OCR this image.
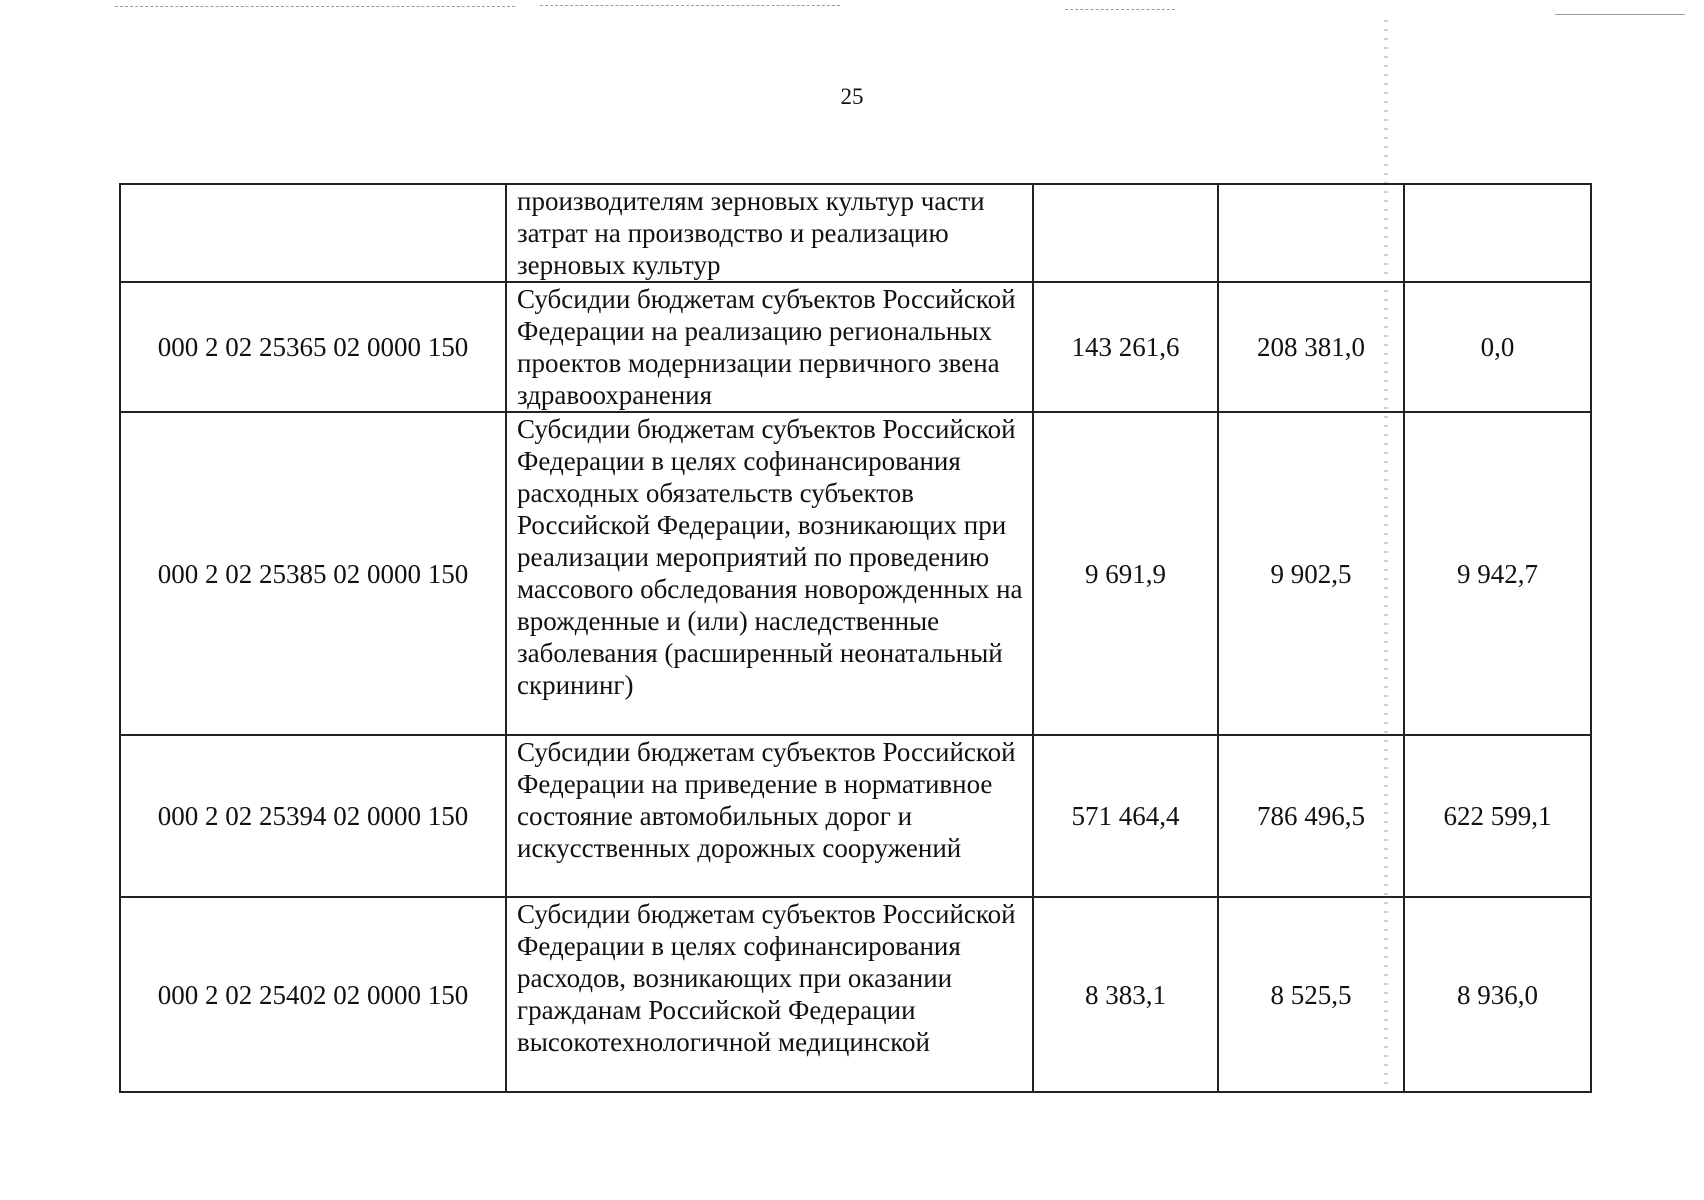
25

	производителям зерновых культур части затрат на производство и реализацию зерновых культур			

000 2 02 25365 02 0000 150	Субсидии бюджетам субъектов Российской Федерации на реализацию региональных проектов модернизации первичного звена здравоохранения	143 261,6	208 381,0	0,0
000 2 02 25385 02 0000 150	Субсидии бюджетам субъектов Российской Федерации в целях софинансирования расходных обязательств субъектов Российской Федерации, возникающих при реализации мероприятий по проведению массового обследования новорожденных на врожденные и (или) наследственные заболевания (расширенный неонатальный скрининг)	9 691,9	9 902,5	9 942,7
000 2 02 25394 02 0000 150	Субсидии бюджетам субъектов Российской Федерации на приведение в нормативное состояние автомобильных дорог и искусственных дорожных сооружений	571 464,4	786 496,5	622 599,1
000 2 02 25402 02 0000 150	Субсидии бюджетам субъектов Российской Федерации в целях софинансирования расходов, возникающих при оказании гражданам Российской Федерации высокотехнологичной медицинской	8 383,1	8 525,5	8 936,0
